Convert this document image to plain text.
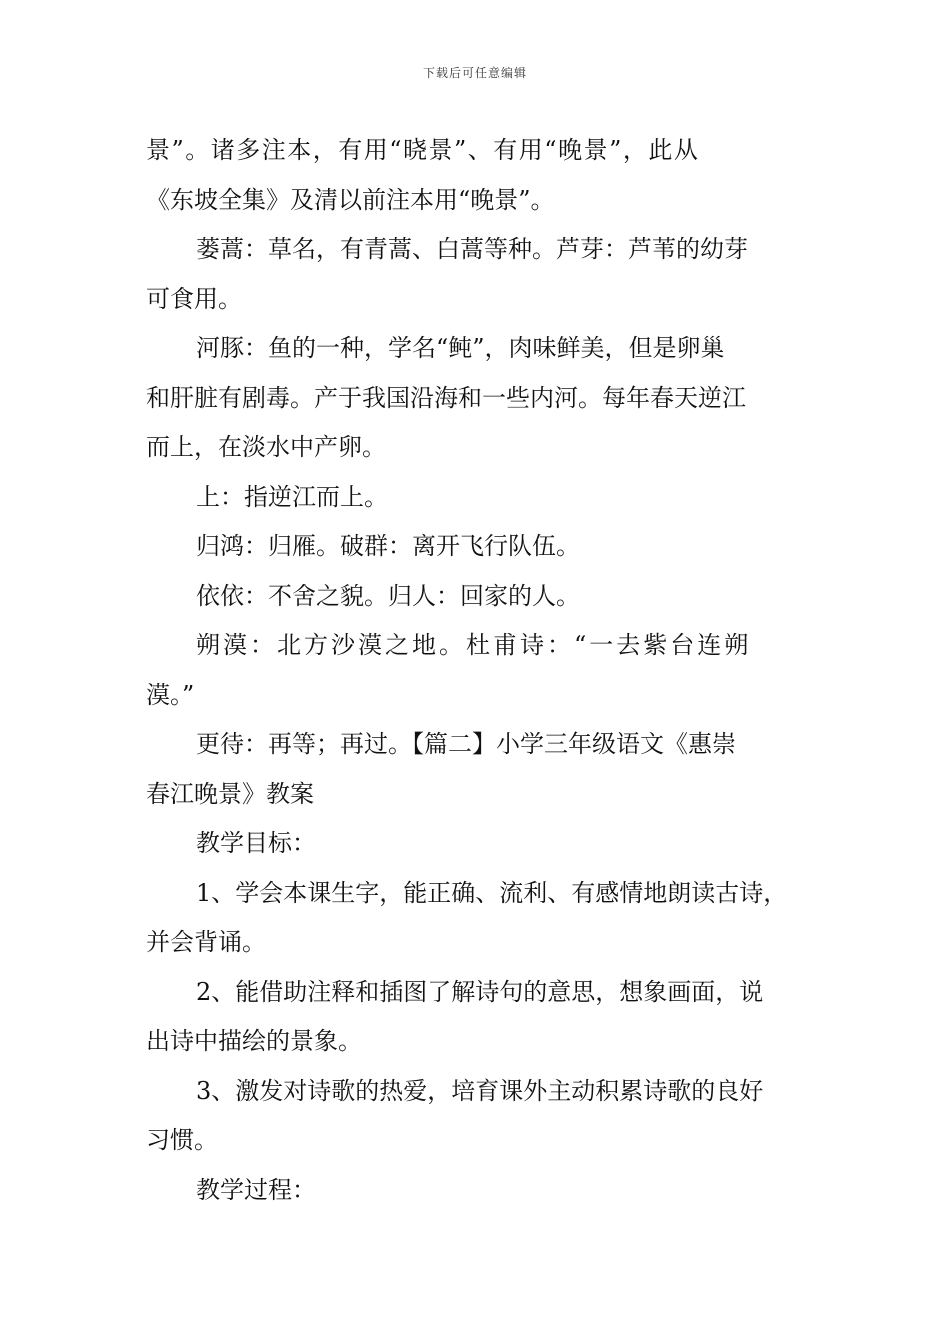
下载后可任意编辑
景”。诸多注本，有用“晓景”、有用“晚景”，此从
《东坡全集》及清以前注本用“晚景”。
蒌蒿：草名，有青蒿、白蒿等种。芦芽：芦苇的幼芽
可食用。
河豚：鱼的一种，学名“鲀”，肉味鲜美，但是卵巢
和肝脏有剧毒。产于我国沿海和一些内河。每年春天逆江
而上，在淡水中产卵。
上：指逆江而上。
归鸿：归雁。破群：离开飞行队伍。
依依：不舍之貌。归人：回家的人。
朔漠：北方沙漠之地。杜甫诗：“一去紫台连朔
漠。”
更待：再等；再过。【篇二】小学三年级语文《惠崇
春江晚景》教案
教学目标：
1、学会本课生字，能正确、流利、有感情地朗读古诗，
并会背诵。
2、能借助注释和插图了解诗句的意思，想象画面，说
出诗中描绘的景象。
3、激发对诗歌的热爱，培育课外主动积累诗歌的良好
习惯。
教学过程：
